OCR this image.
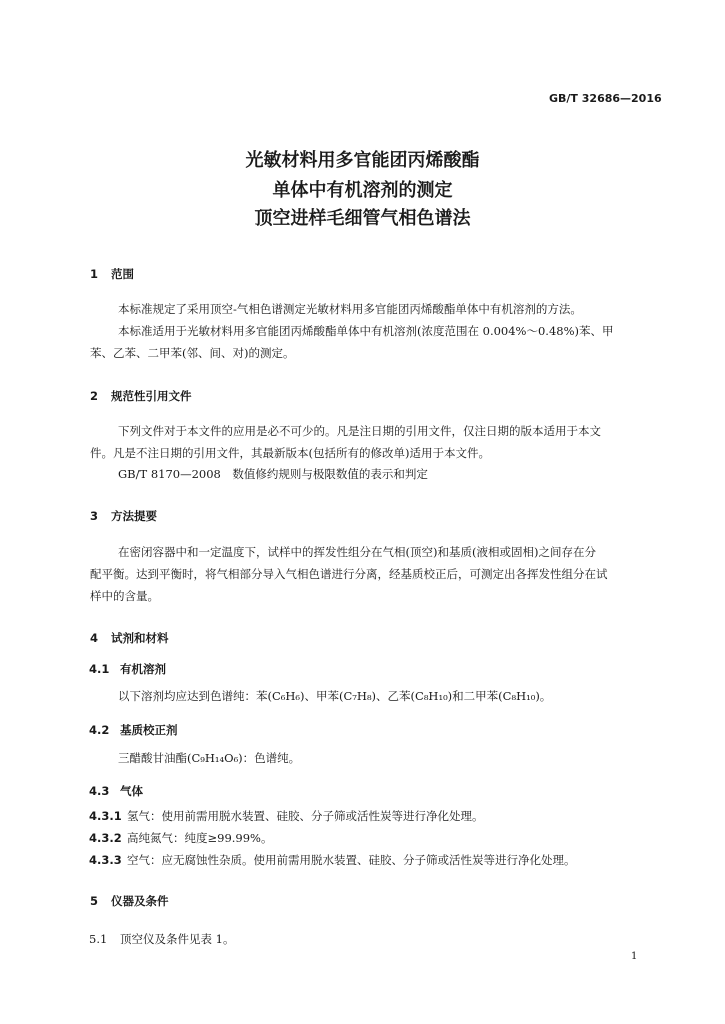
GB/T 32686—2016
光敏材料用多官能团丙烯酸酯
单体中有机溶剂的测定
顶空进样毛细管气相色谱法
1 范围
本标准规定了采用顶空-气相色谱测定光敏材料用多官能团丙烯酸酯单体中有机溶剂的方法。
本标准适用于光敏材料用多官能团丙烯酸酯单体中有机溶剂(浓度范围在 0.004%～0.48%)苯、甲
苯、乙苯、二甲苯(邻、间、对)的测定。
2 规范性引用文件
下列文件对于本文件的应用是必不可少的。凡是注日期的引用文件，仅注日期的版本适用于本文
件。凡是不注日期的引用文件，其最新版本(包括所有的修改单)适用于本文件。
GB/T 8170—2008　数值修约规则与极限数值的表示和判定
3 方法提要
在密闭容器中和一定温度下，试样中的挥发性组分在气相(顶空)和基质(液相或固相)之间存在分
配平衡。达到平衡时，将气相部分导入气相色谱进行分离，经基质校正后，可测定出各挥发性组分在试
样中的含量。
4 试剂和材料
4.1 有机溶剂
以下溶剂均应达到色谱纯：苯(C₆H₆)、甲苯(C₇H₈)、乙苯(C₈H₁₀)和二甲苯(C₈H₁₀)。
4.2 基质校正剂
三醋酸甘油酯(C₉H₁₄O₆)：色谱纯。
4.3 气体
4.3.1 氢气：使用前需用脱水装置、硅胶、分子筛或活性炭等进行净化处理。
4.3.2 高纯氮气：纯度≥99.99%。
4.3.3 空气：应无腐蚀性杂质。使用前需用脱水装置、硅胶、分子筛或活性炭等进行净化处理。
5 仪器及条件
5.1 顶空仪及条件见表 1。
1
